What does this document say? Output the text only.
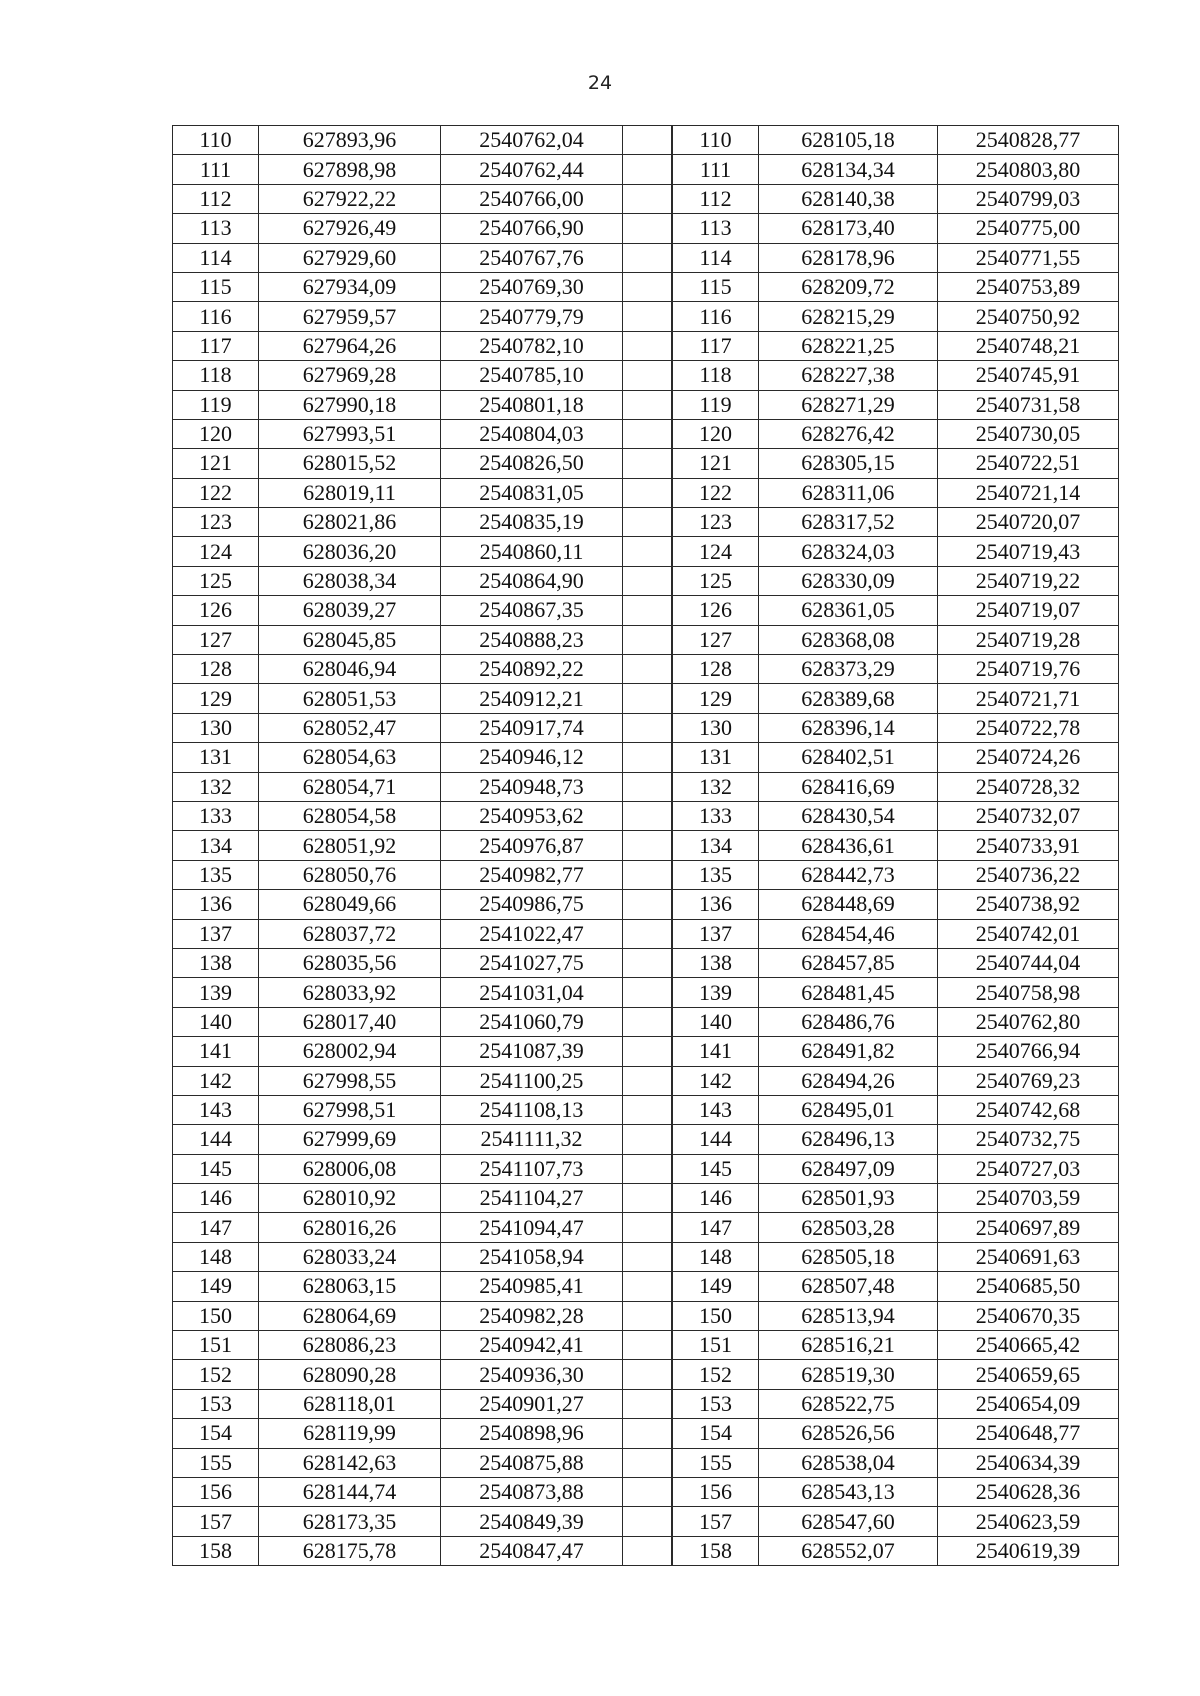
24
110	627893,96	2540762,04	
111	627898,98	2540762,44	
112	627922,22	2540766,00	
113	627926,49	2540766,90	
114	627929,60	2540767,76	
115	627934,09	2540769,30	
116	627959,57	2540779,79	
117	627964,26	2540782,10	
118	627969,28	2540785,10	
119	627990,18	2540801,18	
120	627993,51	2540804,03	
121	628015,52	2540826,50	
122	628019,11	2540831,05	
123	628021,86	2540835,19	
124	628036,20	2540860,11	
125	628038,34	2540864,90	
126	628039,27	2540867,35	
127	628045,85	2540888,23	
128	628046,94	2540892,22	
129	628051,53	2540912,21	
130	628052,47	2540917,74	
131	628054,63	2540946,12	
132	628054,71	2540948,73	
133	628054,58	2540953,62	
134	628051,92	2540976,87	
135	628050,76	2540982,77	
136	628049,66	2540986,75	
137	628037,72	2541022,47	
138	628035,56	2541027,75	
139	628033,92	2541031,04	
140	628017,40	2541060,79	
141	628002,94	2541087,39	
142	627998,55	2541100,25	
143	627998,51	2541108,13	
144	627999,69	2541111,32	
145	628006,08	2541107,73	
146	628010,92	2541104,27	
147	628016,26	2541094,47	
148	628033,24	2541058,94	
149	628063,15	2540985,41	
150	628064,69	2540982,28	
151	628086,23	2540942,41	
152	628090,28	2540936,30	
153	628118,01	2540901,27	
154	628119,99	2540898,96	
155	628142,63	2540875,88	
156	628144,74	2540873,88	
157	628173,35	2540849,39	
158	628175,78	2540847,47	
110	628105,18	2540828,77
111	628134,34	2540803,80
112	628140,38	2540799,03
113	628173,40	2540775,00
114	628178,96	2540771,55
115	628209,72	2540753,89
116	628215,29	2540750,92
117	628221,25	2540748,21
118	628227,38	2540745,91
119	628271,29	2540731,58
120	628276,42	2540730,05
121	628305,15	2540722,51
122	628311,06	2540721,14
123	628317,52	2540720,07
124	628324,03	2540719,43
125	628330,09	2540719,22
126	628361,05	2540719,07
127	628368,08	2540719,28
128	628373,29	2540719,76
129	628389,68	2540721,71
130	628396,14	2540722,78
131	628402,51	2540724,26
132	628416,69	2540728,32
133	628430,54	2540732,07
134	628436,61	2540733,91
135	628442,73	2540736,22
136	628448,69	2540738,92
137	628454,46	2540742,01
138	628457,85	2540744,04
139	628481,45	2540758,98
140	628486,76	2540762,80
141	628491,82	2540766,94
142	628494,26	2540769,23
143	628495,01	2540742,68
144	628496,13	2540732,75
145	628497,09	2540727,03
146	628501,93	2540703,59
147	628503,28	2540697,89
148	628505,18	2540691,63
149	628507,48	2540685,50
150	628513,94	2540670,35
151	628516,21	2540665,42
152	628519,30	2540659,65
153	628522,75	2540654,09
154	628526,56	2540648,77
155	628538,04	2540634,39
156	628543,13	2540628,36
157	628547,60	2540623,59
158	628552,07	2540619,39
